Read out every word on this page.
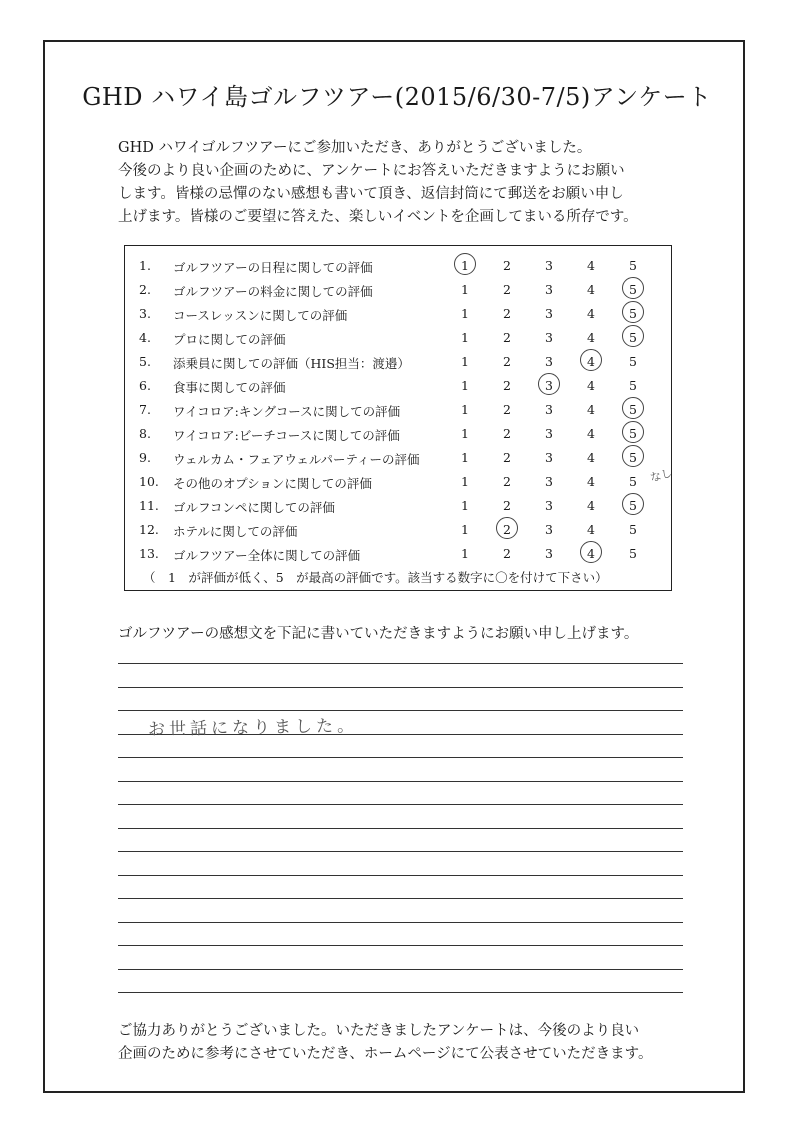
GHD ハワイ島ゴルフツアー(2015/6/30-7/5)アンケート
GHD ハワイゴルフツアーにご参加いただき、ありがとうございました。
今後のより良い企画のために、アンケートにお答えいただきますようにお願い
します。皆様の忌憚のない感想も書いて頂き、返信封筒にて郵送をお願い申し
上げます。皆様のご要望に答えた、楽しいイベントを企画してまいる所存です。
（　1　が評価が低く、5　が最高の評価です。該当する数字に〇を付けて下さい）
1.	ゴルフツアーの日程に関しての評価	1	2	3	4	5
2.	ゴルフツアーの料金に関しての評価	1	2	3	4	5
3.	コースレッスンに関しての評価	1	2	3	4	5
4.	プロに関しての評価	1	2	3	4	5
5.	添乗員に関しての評価（HIS担当：渡邉）	1	2	3	4	5
6.	食事に関しての評価	1	2	3	4	5
7.	ワイコロア:キングコースに関しての評価	1	2	3	4	5
8.	ワイコロア:ビーチコースに関しての評価	1	2	3	4	5
9.	ウェルカム・フェアウェルパーティーの評価	1	2	3	4	5
10.	その他のオプションに関しての評価	1	2	3	4	5
11.	ゴルフコンペに関しての評価	1	2	3	4	5
12.	ホテルに関しての評価	1	2	3	4	5
13.	ゴルフツアー全体に関しての評価	1	2	3	4	5
なし
ゴルフツアーの感想文を下記に書いていただきますようにお願い申し上げます。
お世話になりました。
ご協力ありがとうございました。いただきましたアンケートは、今後のより良い
企画のために参考にさせていただき、ホームページにて公表させていただきます。
